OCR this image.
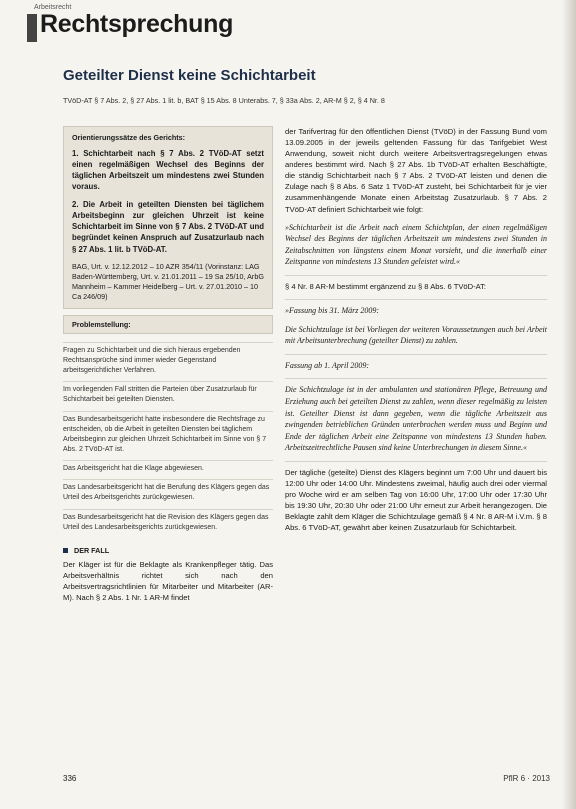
Arbeitsrecht
Rechtsprechung
Geteilter Dienst keine Schichtarbeit
TVöD-AT § 7 Abs. 2, § 27 Abs. 1 lit. b, BAT § 15 Abs. 8 Unterabs. 7, § 33a Abs. 2, AR-M § 2, § 4 Nr. 8
Orientierungssätze des Gerichts:

1. Schichtarbeit nach § 7 Abs. 2 TVöD-AT setzt einen regelmäßigen Wechsel des Beginns der täglichen Arbeitszeit um mindestens zwei Stunden voraus.

2. Die Arbeit in geteilten Diensten bei täglichem Arbeitsbeginn zur gleichen Uhrzeit ist keine Schichtarbeit im Sinne von § 7 Abs. 2 TVöD-AT und begründet keinen Anspruch auf Zusatzurlaub nach § 27 Abs. 1 lit. b TVöD-AT.

BAG, Urt. v. 12.12.2012 – 10 AZR 354/11 (Vorinstanz: LAG Baden-Württemberg, Urt. v. 21.01.2011 – 19 Sa 25/10, ArbG Mannheim – Kammer Heidelberg – Urt. v. 27.01.2010 – 10 Ca 246/09)

Problemstellung:
Fragen zu Schichtarbeit und die sich hieraus ergebenden Rechtsansprüche sind immer wieder Gegenstand arbeitsgerichtlicher Verfahren.
Im vorliegenden Fall stritten die Parteien über Zusatzurlaub für Schichtarbeit bei geteilten Diensten.
Das Bundesarbeitsgericht hatte insbesondere die Rechtsfrage zu entscheiden, ob die Arbeit in geteilten Diensten bei täglichem Arbeitsbeginn zur gleichen Uhrzeit Schichtarbeit im Sinne von § 7 Abs. 2 TVöD-AT ist.
Das Arbeitsgericht hat die Klage abgewiesen.
Das Landesarbeitsgericht hat die Berufung des Klägers gegen das Urteil des Arbeitsgerichts zurückgewiesen.
Das Bundesarbeitsgericht hat die Revision des Klägers gegen das Urteil des Landesarbeitsgerichts zurückgewiesen.
DER FALL

Der Kläger ist für die Beklagte als Krankenpfleger tätig. Das Arbeitsverhältnis richtet sich nach den Arbeitsvertragsrichtlinien für Mitarbeiter und Mitarbeiter (AR-M). Nach § 2 Abs. 1 Nr. 1 AR-M findet

der Tarifvertrag für den öffentlichen Dienst (TVöD) in der Fassung Bund vom 13.09.2005 in der jeweils geltenden Fassung für das Tarifgebiet West Anwendung, soweit nicht durch weitere Arbeitsvertragsregelungen etwas anderes bestimmt wird. Nach § 27 Abs. 1b TVöD-AT erhalten Beschäftigte, die ständig Schichtarbeit nach § 7 Abs. 2 TVöD-AT leisten und denen die Zulage nach § 8 Abs. 6 Satz 1 TVöD-AT zusteht, bei Schichtarbeit für je vier zusammenhängende Monate einen Arbeitstag Zusatzurlaub. § 7 Abs. 2 TVöD-AT definiert Schichtarbeit wie folgt:

»Schichtarbeit ist die Arbeit nach einem Schichtplan, der einen regelmäßigen Wechsel des Beginns der täglichen Arbeitszeit um mindestens zwei Stunden in Zeitabschnitten von längstens einem Monat vorsieht, und die innerhalb einer Zeitspanne von mindestens 13 Stunden geleistet wird.«

§ 4 Nr. 8 AR-M bestimmt ergänzend zu § 8 Abs. 6 TVöD-AT:

»Fassung bis 31. März 2009:

Die Schichtzulage ist bei Vorliegen der weiteren Voraussetzungen auch bei Arbeit mit Arbeitsunterbrechung (geteilter Dienst) zu zahlen.

Fassung ab 1. April 2009:

Die Schichtzulage ist in der ambulanten und stationären Pflege, Betreuung und Erziehung auch bei geteilten Dienst zu zahlen, wenn dieser regelmäßig zu leisten ist. Geteilter Dienst ist dann gegeben, wenn die tägliche Arbeitszeit aus zwingenden betrieblichen Gründen unterbrochen werden muss und Beginn und Ende der täglichen Arbeit eine Zeitspanne von mindestens 13 Stunden haben. Arbeitszeitrechtliche Pausen sind keine Unterbrechungen in diesem Sinne.«

Der tägliche (geteilte) Dienst des Klägers beginnt um 7:00 Uhr und dauert bis 12:00 Uhr oder 14:00 Uhr. Mindestens zweimal, häufig auch drei oder viermal pro Woche wird er am selben Tag von 16:00 Uhr, 17:00 Uhr oder 17:30 Uhr bis 19:30 Uhr, 20:30 Uhr oder 21:00 Uhr erneut zur Arbeit herangezogen. Die Beklagte zahlt dem Kläger die Schichtzulage gemäß § 4 Nr. 8 AR-M i.V.m. § 8 Abs. 6 TVöD-AT, gewährt aber keinen Zusatzurlaub für Schichtarbeit.

336	PflR 6 · 2013
